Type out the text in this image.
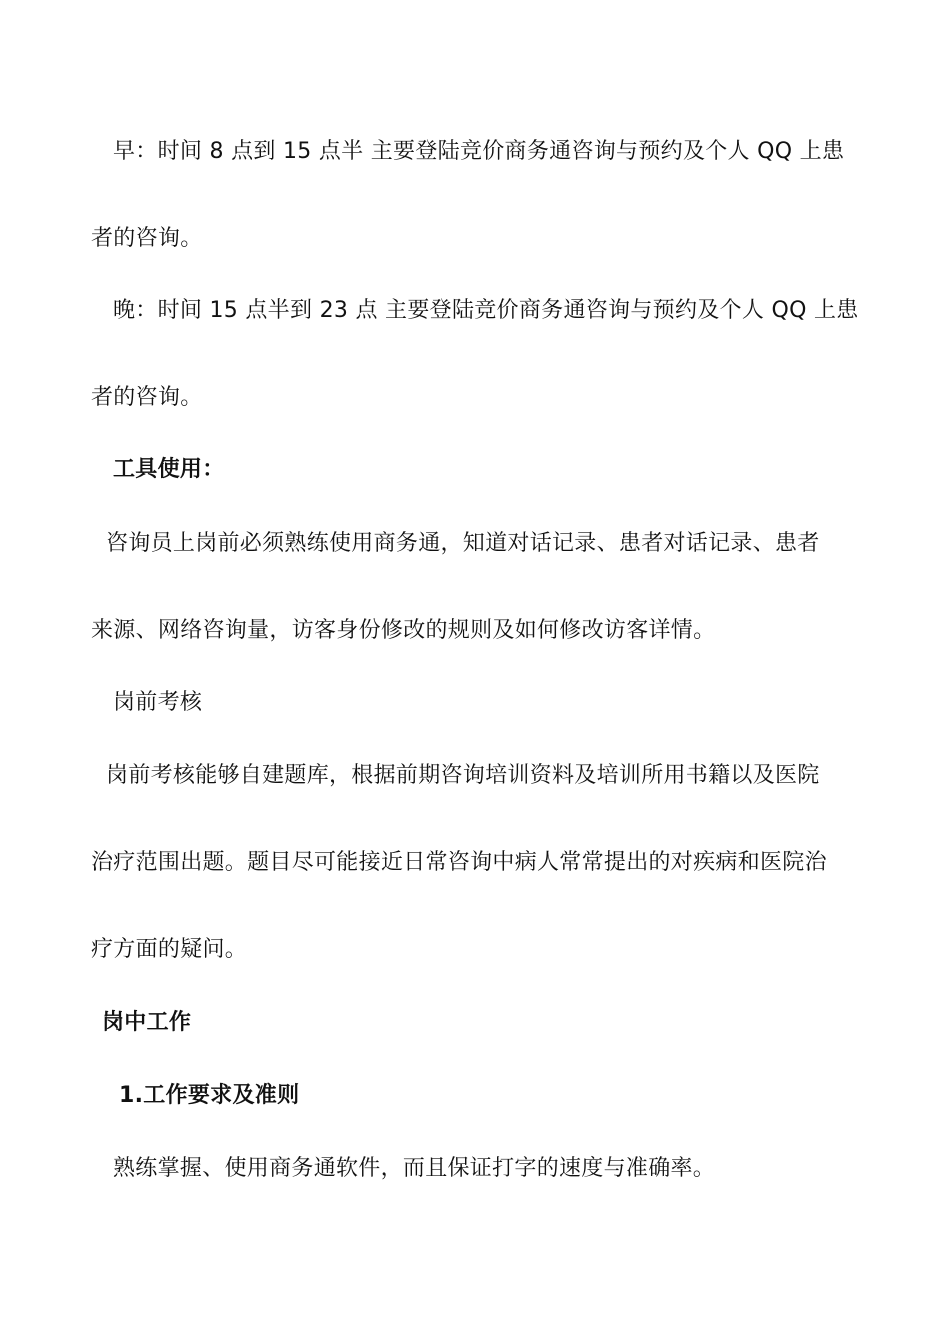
早：时间 8 点到 15 点半 主要登陆竞价商务通咨询与预约及个人 QQ 上患

者的咨询。

晚：时间 15 点半到 23 点 主要登陆竞价商务通咨询与预约及个人 QQ 上患

者的咨询。

工具使用：

咨询员上岗前必须熟练使用商务通，知道对话记录、患者对话记录、患者

来源、网络咨询量，访客身份修改的规则及如何修改访客详情。

岗前考核

岗前考核能够自建题库，根据前期咨询培训资料及培训所用书籍以及医院

治疗范围出题。题目尽可能接近日常咨询中病人常常提出的对疾病和医院治

疗方面的疑问。

岗中工作
1.工作要求及准则

熟练掌握、使用商务通软件，而且保证打字的速度与准确率。
